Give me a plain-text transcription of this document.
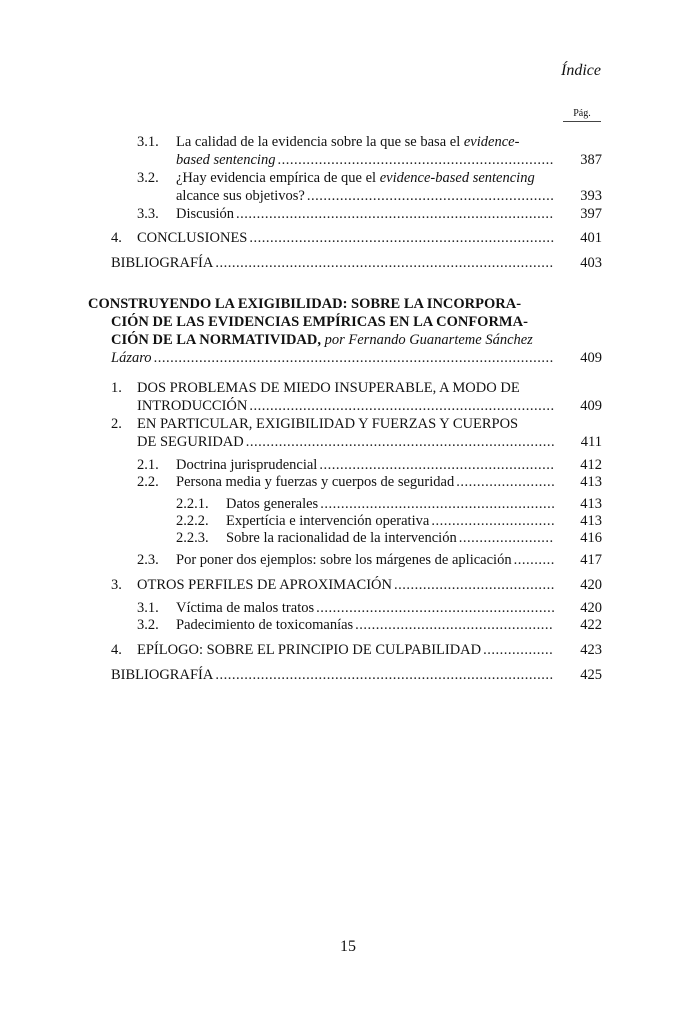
Índice
Pág.
3.1. La calidad de la evidencia sobre la que se basa el evidence-
based sentencing .....	387
3.2. ¿Hay evidencia empírica de que el evidence-based sentencing
alcance sus objetivos? .....	393
3.3. Discusión .....	397
4. CONCLUSIONES .....	401
BIBLIOGRAFÍA .....	403
CONSTRUYENDO LA EXIGIBILIDAD: SOBRE LA INCORPORA-
CIÓN DE LAS EVIDENCIAS EMPÍRICAS EN LA CONFORMA-
CIÓN DE LA NORMATIVIDAD, por Fernando Guanarteme Sánchez
Lázaro .....	409
1. DOS PROBLEMAS DE MIEDO INSUPERABLE, A MODO DE
INTRODUCCIÓN .....	409
2. EN PARTICULAR, EXIGIBILIDAD Y FUERZAS Y CUERPOS
DE SEGURIDAD .....	411
2.1. Doctrina jurisprudencial .....	412
2.2. Persona media y fuerzas y cuerpos de seguridad .....	413
2.2.1. Datos generales .....	413
2.2.2. Expertícia e intervención operativa .....	413
2.2.3. Sobre la racionalidad de la intervención .....	416
2.3. Por poner dos ejemplos: sobre los márgenes de aplicación .....	417
3. OTROS PERFILES DE APROXIMACIÓN .....	420
3.1. Víctima de malos tratos .....	420
3.2. Padecimiento de toxicomanías .....	422
4. EPÍLOGO: SOBRE EL PRINCIPIO DE CULPABILIDAD .....	423
BIBLIOGRAFÍA .....	425
15
